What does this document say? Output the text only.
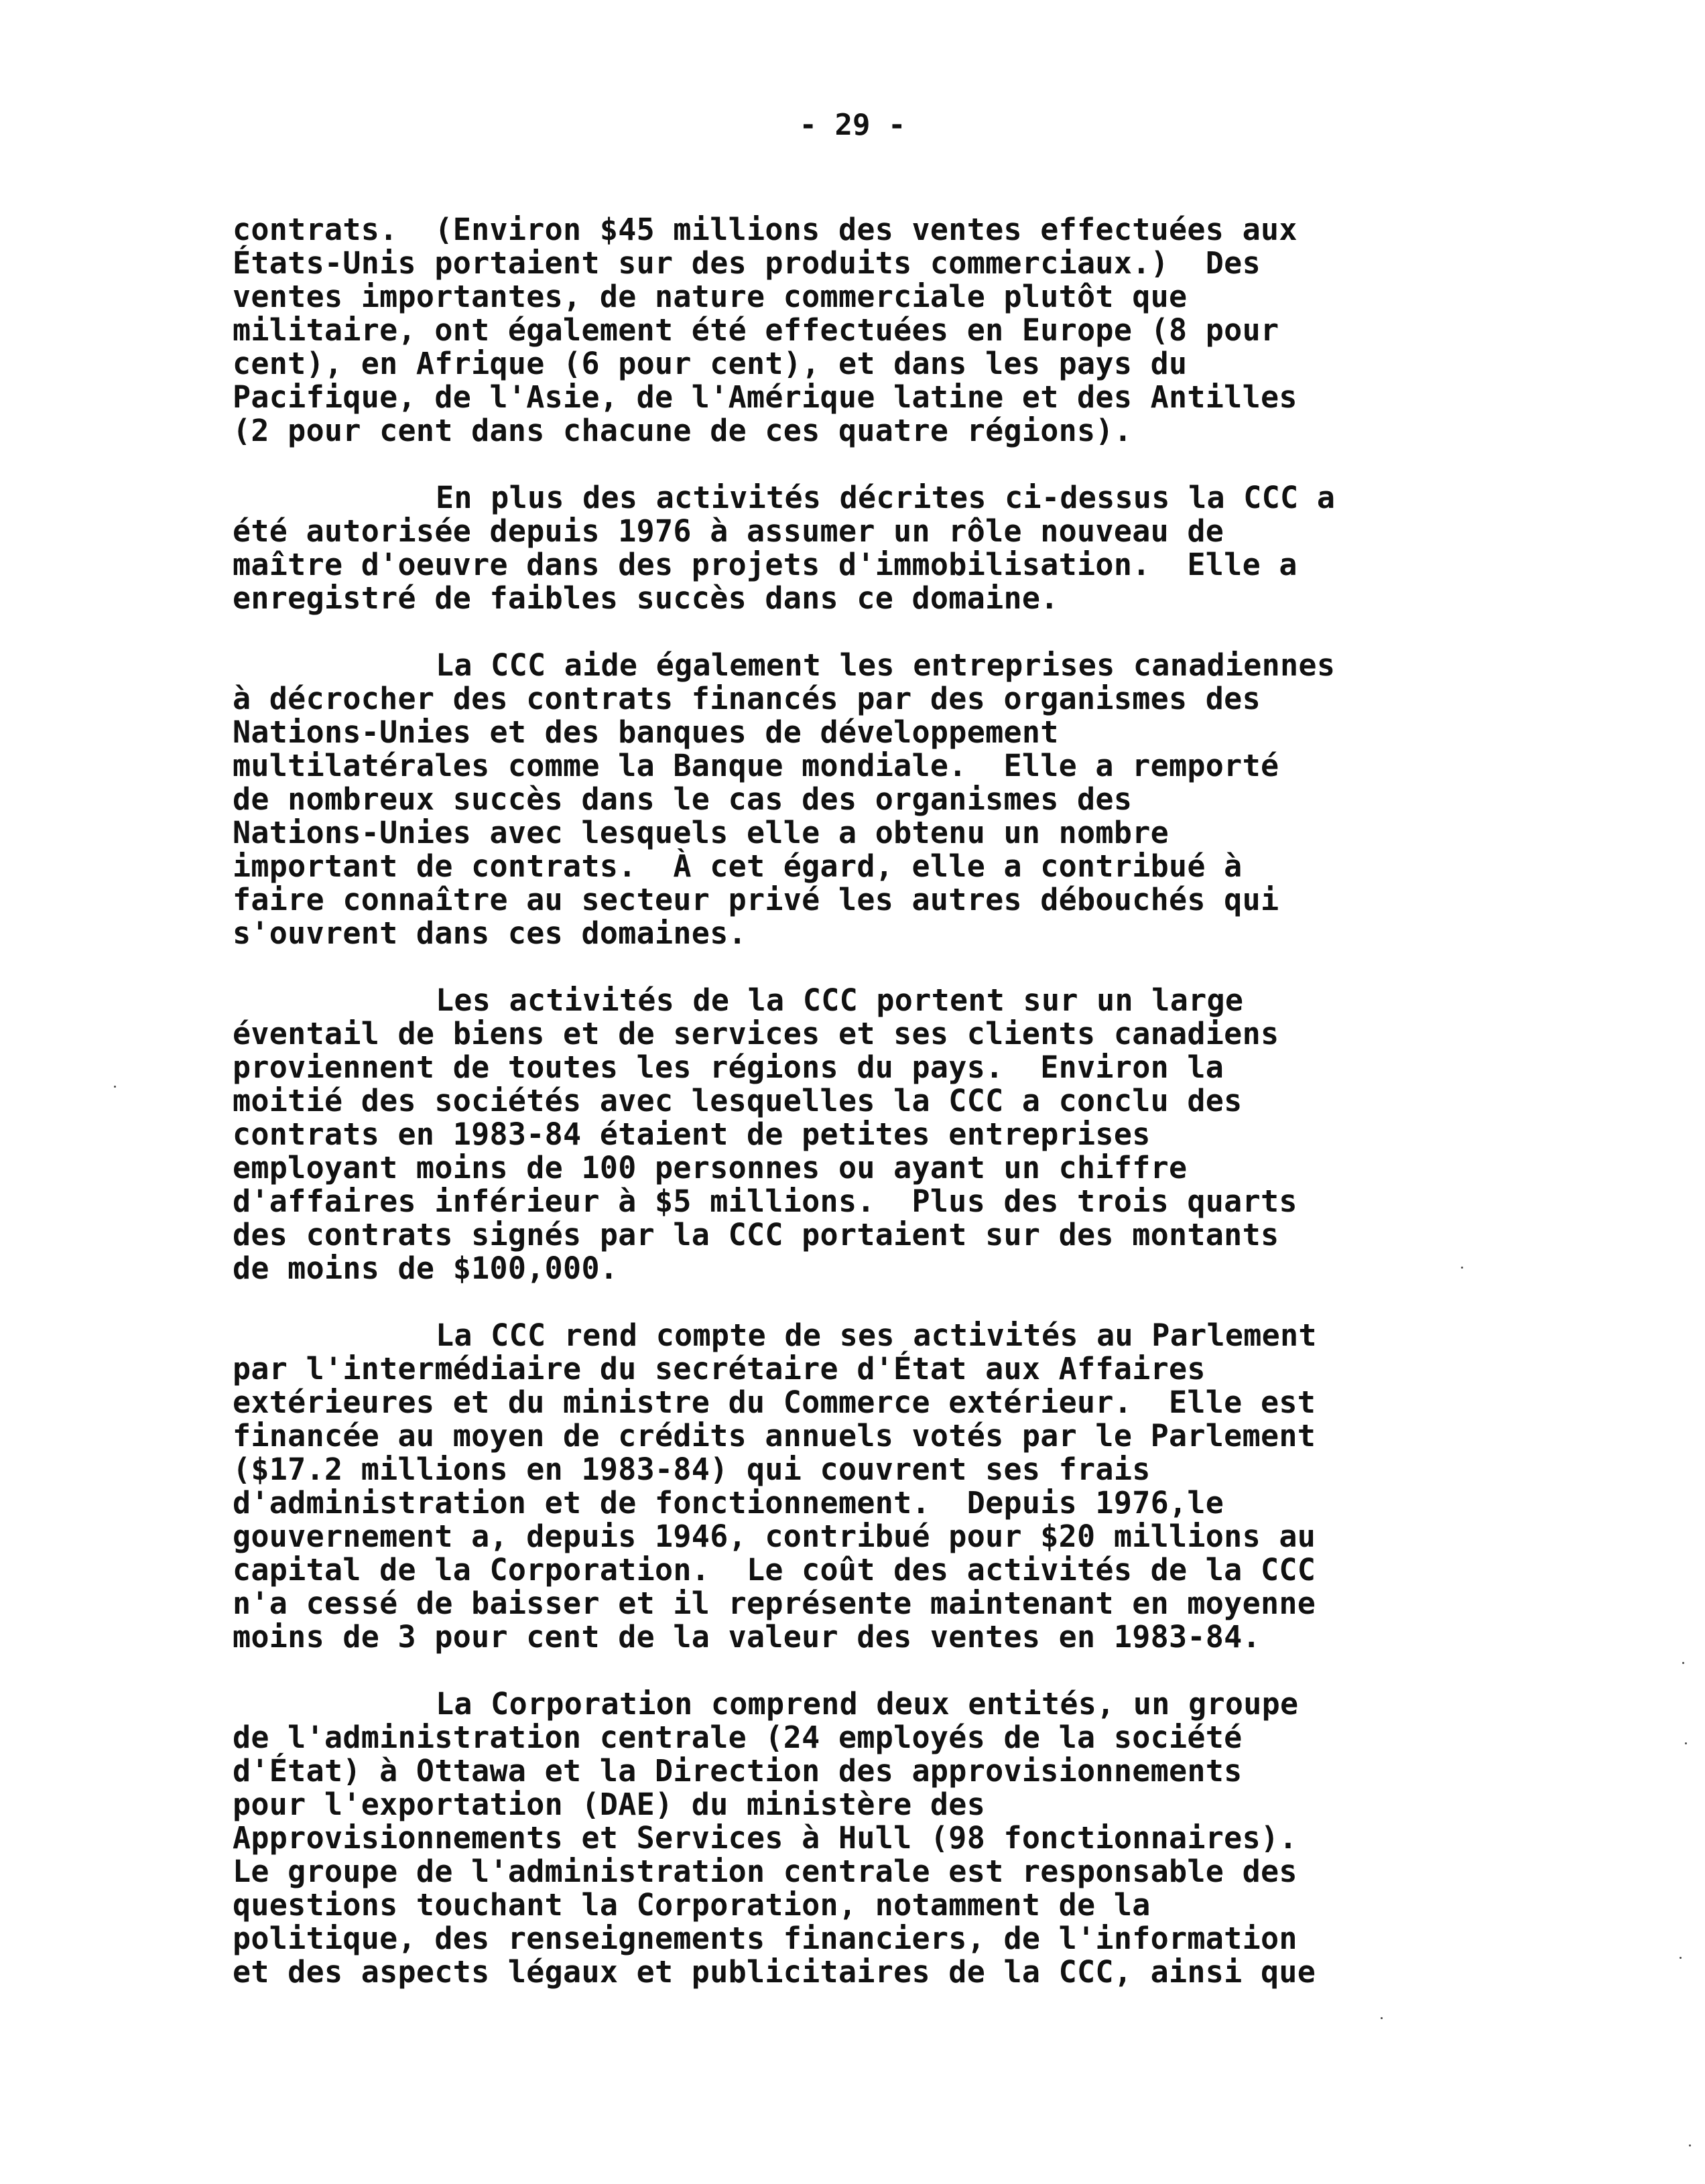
- 29 -

contrats.  (Environ $45 millions des ventes effectuées aux
États-Unis portaient sur des produits commerciaux.)  Des
ventes importantes, de nature commerciale plutôt que
militaire, ont également été effectuées en Europe (8 pour
cent), en Afrique (6 pour cent), et dans les pays du
Pacifique, de l'Asie, de l'Amérique latine et des Antilles
(2 pour cent dans chacune de ces quatre régions).

En plus des activités décrites ci-dessus la CCC a
été autorisée depuis 1976 à assumer un rôle nouveau de
maître d'oeuvre dans des projets d'immobilisation.  Elle a
enregistré de faibles succès dans ce domaine.

La CCC aide également les entreprises canadiennes
à décrocher des contrats financés par des organismes des
Nations-Unies et des banques de développement
multilatérales comme la Banque mondiale.  Elle a remporté
de nombreux succès dans le cas des organismes des
Nations-Unies avec lesquels elle a obtenu un nombre
important de contrats.  À cet égard, elle a contribué à
faire connaître au secteur privé les autres débouchés qui
s'ouvrent dans ces domaines.

Les activités de la CCC portent sur un large
éventail de biens et de services et ses clients canadiens
proviennent de toutes les régions du pays.  Environ la
moitié des sociétés avec lesquelles la CCC a conclu des
contrats en 1983-84 étaient de petites entreprises
employant moins de 100 personnes ou ayant un chiffre
d'affaires inférieur à $5 millions.  Plus des trois quarts
des contrats signés par la CCC portaient sur des montants
de moins de $100,000.

La CCC rend compte de ses activités au Parlement
par l'intermédiaire du secrétaire d'État aux Affaires
extérieures et du ministre du Commerce extérieur.  Elle est
financée au moyen de crédits annuels votés par le Parlement
($17.2 millions en 1983-84) qui couvrent ses frais
d'administration et de fonctionnement.  Depuis 1976,le
gouvernement a, depuis 1946, contribué pour $20 millions au
capital de la Corporation.  Le coût des activités de la CCC
n'a cessé de baisser et il représente maintenant en moyenne
moins de 3 pour cent de la valeur des ventes en 1983-84.

La Corporation comprend deux entités, un groupe
de l'administration centrale (24 employés de la société
d'État) à Ottawa et la Direction des approvisionnements
pour l'exportation (DAE) du ministère des
Approvisionnements et Services à Hull (98 fonctionnaires).
Le groupe de l'administration centrale est responsable des
questions touchant la Corporation, notamment de la
politique, des renseignements financiers, de l'information
et des aspects légaux et publicitaires de la CCC, ainsi que
